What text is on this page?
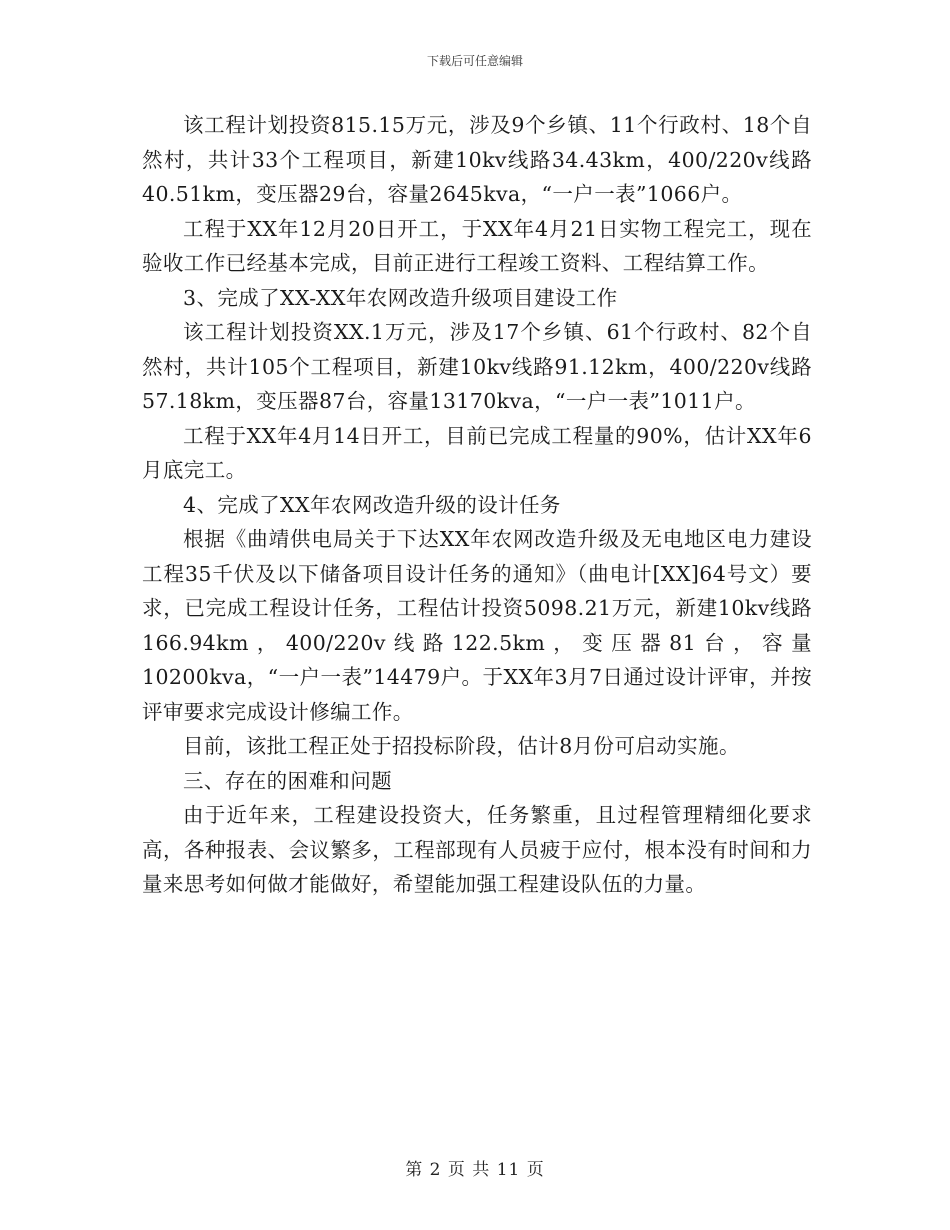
下载后可任意编辑

该工程计划投资815.15万元，涉及9个乡镇、11个行政村、18个自然村，共计33个工程项目，新建10kv线路34.43km，400/220v线路40.51km，变压器29台，容量2645kva，“一户一表”1066户。

工程于XX年12月20日开工，于XX年4月21日实物工程完工，现在验收工作已经基本完成，目前正进行工程竣工资料、工程结算工作。

3、完成了XX-XX年农网改造升级项目建设工作

该工程计划投资XX.1万元，涉及17个乡镇、61个行政村、82个自然村，共计105个工程项目，新建10kv线路91.12km，400/220v线路57.18km，变压器87台，容量13170kva，“一户一表”1011户。

工程于XX年4月14日开工，目前已完成工程量的90%，估计XX年6月底完工。

4、完成了XX年农网改造升级的设计任务

根据《曲靖供电局关于下达XX年农网改造升级及无电地区电力建设工程35千伏及以下储备项目设计任务的通知》（曲电计[XX]64号文）要求，已完成工程设计任务，工程估计投资5098.21万元，新建10kv线路166.94km，400/220v线路122.5km，变压器81台，容量10200kva，“一户一表”14479户。于XX年3月7日通过设计评审，并按评审要求完成设计修编工作。

目前，该批工程正处于招投标阶段，估计8月份可启动实施。

三、存在的困难和问题

由于近年来，工程建设投资大，任务繁重，且过程管理精细化要求高，各种报表、会议繁多，工程部现有人员疲于应付，根本没有时间和力量来思考如何做才能做好，希望能加强工程建设队伍的力量。

第 2 页 共 11 页
